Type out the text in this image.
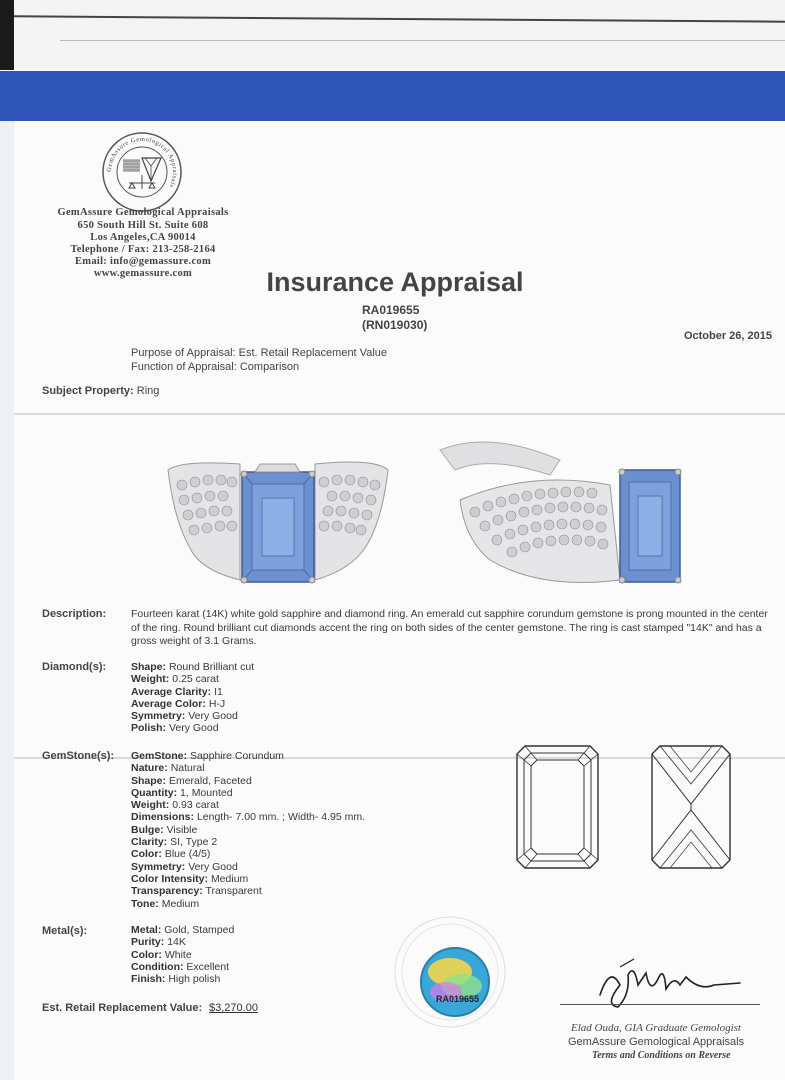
GemAssure Gemological Appraisals
GemAssure Gemological Appraisals
650 South Hill St. Suite 608
Los Angeles,CA 90014
Telephone / Fax: 213-258-2164
Email: info@gemassure.com
www.gemassure.com	Insurance Appraisal
RA019655
(RN019030)
October 26, 2015
Purpose of Appraisal: Est. Retail Replacement Value
Function of Appraisal: Comparison
Subject Property: Ring
Description: Fourteen karat (14K) white gold sapphire and diamond ring. An emerald cut sapphire corundum gemstone is prong mounted in the center of the ring. Round brilliant cut diamonds accent the ring on both sides of the center gemstone. The ring is cast stamped "14K" and has a gross weight of 3.1 Grams.
Diamond(s): Shape: Round Brilliant cut
Weight: 0.25 carat
Average Clarity: I1
Average Color: H-J
Symmetry: Very Good
Polish: Very Good
GemStone(s): GemStone: Sapphire Corundum
Nature: Natural
Shape: Emerald, Faceted
Quantity: 1, Mounted
Weight: 0.93 carat
Dimensions: Length- 7.00 mm. ; Width- 4.95 mm.
Bulge: Visible
Clarity: SI, Type 2
Color: Blue (4/5)
Symmetry: Very Good
Color Intensity: Medium
Transparency: Transparent
Tone: Medium
Metal(s):	Metal: Gold, Stamped
Purity: 14K
Color: White
Condition: Excellent
Finish: High polish
Est. Retail Replacement Value: $3,270.00
RA019655
Elad Ouda, GIA Graduate Gemologist
GemAssure Gemological Appraisals
Terms and Conditions on Reverse
